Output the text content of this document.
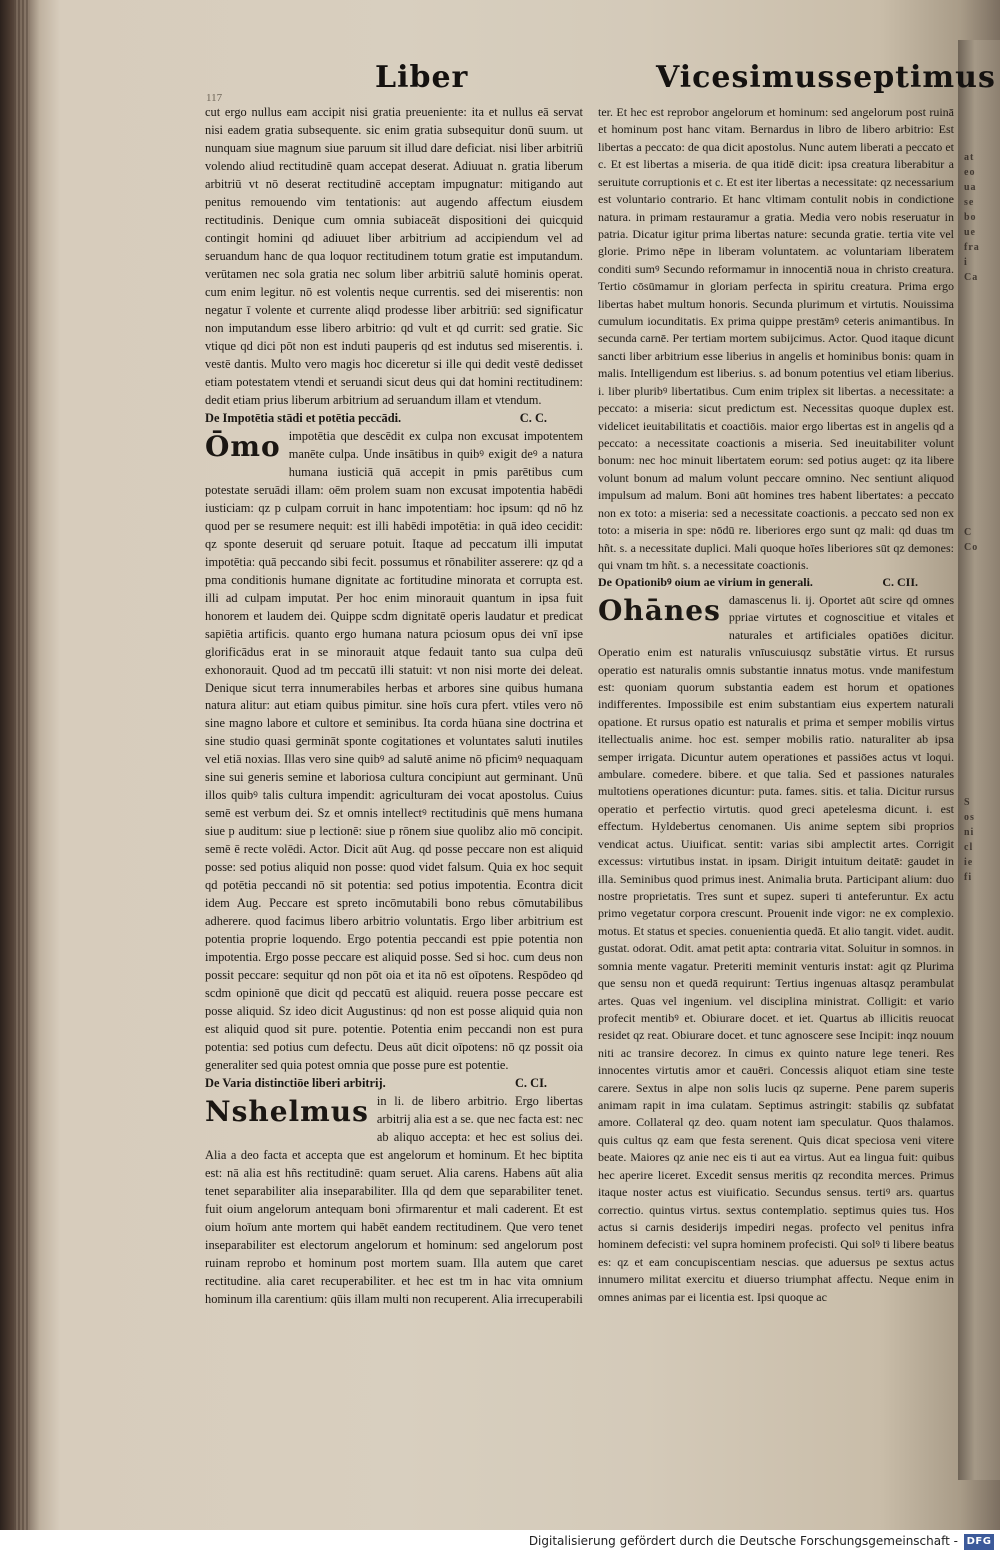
at
eo
ua
se
bo
ue
fra
i
Ca

C
Co

S
os
ni
cl
ie
fi
117
Liber	Vicesimusseptimus

cut ergo nullus eam accipit nisi gratia preueniente: ita et nullus eā servat nisi eadem gratia subsequente. sic enim gratia subsequitur donū suum. ut nunquam siue magnum siue paruum sit illud dare deficiat. nisi liber arbitriū volendo aliud rectitudinē quam accepat deserat. Adiuuat n. gratia liberum arbitriū vt nō deserat rectitudinē acceptam impugnatur: mitigando aut penitus remouendo vim tentationis: aut augendo affectum eiusdem rectitudinis. Denique cum omnia subiaceāt dispositioni dei quicquid contingit homini qd adiuuet liber arbitrium ad accipiendum vel ad seruandum hanc de qua loquor rectitudinem totum gratie est imputandum. verūtamen nec sola gratia nec solum liber arbitriū salutē hominis operat. cum enim legitur. nō est volentis neque currentis. sed dei miserentis: non negatur ī volente et currente aliqd prodesse liber arbitriū: sed significatur non imputandum esse libero arbitrio: qd vult et qd currit: sed gratie. Sic vtique qd dici pōt non est induti pauperis qd est indutus sed miserentis. i. vestē dantis. Multo vero magis hoc diceretur si ille qui dedit vestē dedisset etiam potestatem vtendi et seruandi sicut deus qui dat homini rectitudinem: dedit etiam prius liberum arbitrium ad seruandum illam et vtendum.

De Impotētia stādi et potētia peccādi.	C. C.

Ōmo impotētia que descēdit ex culpa non excusat impotentem manēte culpa. Unde insātibus in quibꝰ exigit deꝰ a natura humana iusticiā quā accepit in pmis parētibus cum potestate seruādi illam: oēm prolem suam non excusat impotentia habēdi iusticiam: qz p culpam corruit in hanc impotentiam: hoc ipsum: qd nō hz quod per se resumere nequit: est illi habēdi impotētia: in quā ideo cecidit: qz sponte deseruit qd seruare potuit. Itaque ad peccatum illi imputat impotētia: quā peccando sibi fecit. possumus et rōnabiliter asserere: qz qd a pma conditionis humane dignitate ac fortitudine minorata et corrupta est. illi ad culpam imputat. Per hoc enim minorauit quantum in ipsa fuit honorem et laudem dei. Quippe scdm dignitatē operis laudatur et predicat sapiētia artificis. quanto ergo humana natura pciosum opus dei vnī ipse glorificādus erat in se minorauit atque fedauit tanto sua culpa deū exhonorauit. Quod ad tm peccatū illi statuit: vt non nisi morte dei deleat. Denique sicut terra innumerabiles herbas et arbores sine quibus humana natura alitur: aut etiam quibus pimitur. sine hoīs cura pfert. vtiles vero nō sine magno labore et cultore et seminibus. Ita corda hūana sine doctrina et sine studio quasi germināt sponte cogitationes et voluntates saluti inutiles vel etiā noxias. Illas vero sine quibꝰ ad salutē anime nō pficimꝰ nequaquam sine sui generis semine et laboriosa cultura concipiunt aut germinant. Unū illos quibꝰ talis cultura impendit: agriculturam dei vocat apostolus. Cuius semē est verbum dei. Sz et omnis intellectꝰ rectitudinis quē mens humana siue p auditum: siue p lectionē: siue p rōnem siue quolibz alio mō concipit. semē ē recte volēdi. Actor. Dicit aūt Aug. qd posse peccare non est aliquid posse: sed potius aliquid non posse: quod videt falsum. Quia ex hoc sequit qd potētia peccandi nō sit potentia: sed potius impotentia. Econtra dicit idem Aug. Peccare est spreto incōmutabili bono rebus cōmutabilibus adherere. quod facimus libero arbitrio voluntatis. Ergo liber arbitrium est potentia proprie loquendo. Ergo potentia peccandi est ppie potentia non impotentia. Ergo posse peccare est aliquid posse. Sed si hoc. cum deus non possit peccare: sequitur qd non pōt oia et ita nō est oīpotens. Respōdeo qd scdm opinionē que dicit qd peccatū est aliquid. reuera posse peccare est posse aliquid. Sz ideo dicit Augustinus: qd non est posse aliquid quia non est aliquid quod sit pure. potentie. Potentia enim peccandi non est pura potentia: sed potius cum defectu. Deus aūt dicit oīpotens: nō qz possit oia generaliter sed quia potest omnia que posse pure est potentie.

De Varia distinctiōe liberi arbitrij.	C. CI.

Nshelmus in li. de libero arbitrio. Ergo libertas arbitrij alia est a se. que nec facta est: nec ab aliquo accepta: et hec est solius dei. Alia a deo facta et accepta que est angelorum et hominum. Et hec biptita est: nā alia est hñs rectitudinē: quam seruet. Alia carens. Habens aūt alia tenet separabiliter alia inseparabiliter. Illa qd dem que separabiliter tenet. fuit oium angelorum antequam boni ɔfirmarentur et mali caderent. Et est oium hoīum ante mortem qui habēt eandem rectitudinem. Que vero tenet inseparabiliter est electorum angelorum et hominum: sed angelorum post ruinam reprobo et hominum post mortem suam. Illa autem que caret rectitudine. alia caret recuperabiliter. et hec est tm in hac vita omnium hominum illa carentium: qūis illam multi non recuperent. Alia irrecuperabili

ter. Et hec est reprobor angelorum et hominum: sed angelorum post ruinā et hominum post hanc vitam. Bernardus in libro de libero arbitrio: Est libertas a peccato: de qua dicit apostolus. Nunc autem liberati a peccato et c. Et est libertas a miseria. de qua itidē dicit: ipsa creatura liberabitur a seruitute corruptionis et c. Et est iter libertas a necessitate: qz necessarium est voluntario contrario. Et hanc vltimam contulit nobis in condictione natura. in primam restauramur a gratia. Media vero nobis reseruatur in patria. Dicatur igitur prima libertas nature: secunda gratie. tertia vite vel glorie. Primo nēpe in liberam voluntatem. ac voluntariam liberatem conditi sumꝰ Secundo reformamur in innocentiā noua in christo creatura. Tertio cōsūmamur in gloriam perfecta in spiritu creatura. Prima ergo libertas habet multum honoris. Secunda plurimum et virtutis. Nouissima cumulum iocunditatis. Ex prima quippe prestāmꝰ ceteris animantibus. In secunda carnē. Per tertiam mortem subijcimus. Actor. Quod itaque dicunt sancti liber arbitrium esse liberius in angelis et hominibus bonis: quam in malis. Intelligendum est liberius. s. ad bonum potentius vel etiam liberius. i. liber pluribꝰ libertatibus. Cum enim triplex sit libertas. a necessitate: a peccato: a miseria: sicut predictum est. Necessitas quoque duplex est. videlicet ieuitabilitatis et coactiōis. maior ergo libertas est in angelis qd a peccato: a necessitate coactionis a miseria. Sed ineuitabiliter volunt bonum: nec hoc minuit libertatem eorum: sed potius auget: qz ita libere volunt bonum ad malum volunt peccare omnino. Nec sentiunt aliquod impulsum ad malum. Boni aūt homines tres habent libertates: a peccato non ex toto: a miseria: sed a necessitate coactionis. a peccato sed non ex toto: a miseria in spe: nōdū re. liberiores ergo sunt qz mali: qd duas tm hñt. s. a necessitate duplici. Mali quoque hoīes liberiores sūt qz demones: qui vnam tm hñt. s. a necessitate coactionis.

De Opationibꝰ oium ae virium in generali.	C. CII.

Ohānes damascenus li. ij. Oportet aūt scire qd omnes ppriae virtutes et cognoscitiue et vitales et naturales et artificiales opatiōes dicitur. Operatio enim est naturalis vnīuscuiusqz substātie virtus. Et rursus operatio est naturalis omnis substantie innatus motus. vnde manifestum est: quoniam quorum substantia eadem est horum et opationes indifferentes. Impossibile est enim substantiam eius expertem naturali opatione. Et rursus opatio est naturalis et prima et semper mobilis virtus itellectualis anime. hoc est. semper mobilis ratio. naturaliter ab ipsa semper irrigata. Dicuntur autem operationes et passiōes actus vt loqui. ambulare. comedere. bibere. et que talia. Sed et passiones naturales multotiens operationes dicuntur: puta. fames. sitis. et talia. Dicitur rursus operatio et perfectio virtutis. quod greci apetelesma dicunt. i. est effectum. Hyldebertus cenomanen. Uis anime septem sibi proprios vendicat actus. Uiuificat. sentit: varias sibi amplectit artes. Corrigit excessus: virtutibus instat. in ipsam. Dirigit intuitum deitatē: gaudet in illa. Seminibus quod primus inest. Animalia bruta. Participant alium: duo nostre proprietatis. Tres sunt et supez. superi ti anteferuntur. Ex actu primo vegetatur corpora crescunt. Prouenit inde vigor: ne ex complexio. motus. Et status et species. conuenientia quedā. Et alio tangit. videt. audit. gustat. odorat. Odit. amat petit apta: contraria vitat. Soluitur in somnos. in somnia mente vagatur. Preteriti meminit venturis instat: agit qz Plurima que sensu non et quedā requirunt: Tertius ingenuas altasqz perambulat artes. Quas vel ingenium. vel disciplina ministrat. Colligit: et vario profecit mentibꝰ et. Obiurare docet. et iet. Quartus ab illicitis reuocat residet qz reat. Obiurare docet. et tunc agnoscere sese Incipit: inqz nouum niti ac transire decorez. In cimus ex quinto nature lege teneri. Res innocentes virtutis amor et cauēri. Concessis aliquot etiam sine teste carere. Sextus in alpe non solis lucis qz superne. Pene parem superis animam rapit in ima culatam. Septimus astringit: stabilis qz subfatat amore. Collateral qz deo. quam notent iam speculatur. Quos thalamos. quis cultus qz eam que festa serenent. Quis dicat speciosa veni vitere beate. Maiores qz anie nec eis ti aut ea virtus. Aut ea lingua fuit: quibus hec aperire liceret. Excedit sensus meritis qz recondita merces. Primus itaque noster actus est viuificatio. Secundus sensus. tertiꝰ ars. quartus correctio. quintus virtus. sextus contemplatio. septimus quies tus. Hos actus si carnis desiderijs impediri negas. profecto vel penitus infra hominem defecisti: vel supra hominem profecisti. Qui solꝰ ti libere beatus es: qz et eam concupiscentiam nescias. que aduersus pe sextus actus innumero militat exercitu et diuerso triumphat affectu. Neque enim in omnes animas par ei licentia est. Ipsi quoque ac

Digitalisierung gefördert durch die Deutsche Forschungsgemeinschaft - DFG
